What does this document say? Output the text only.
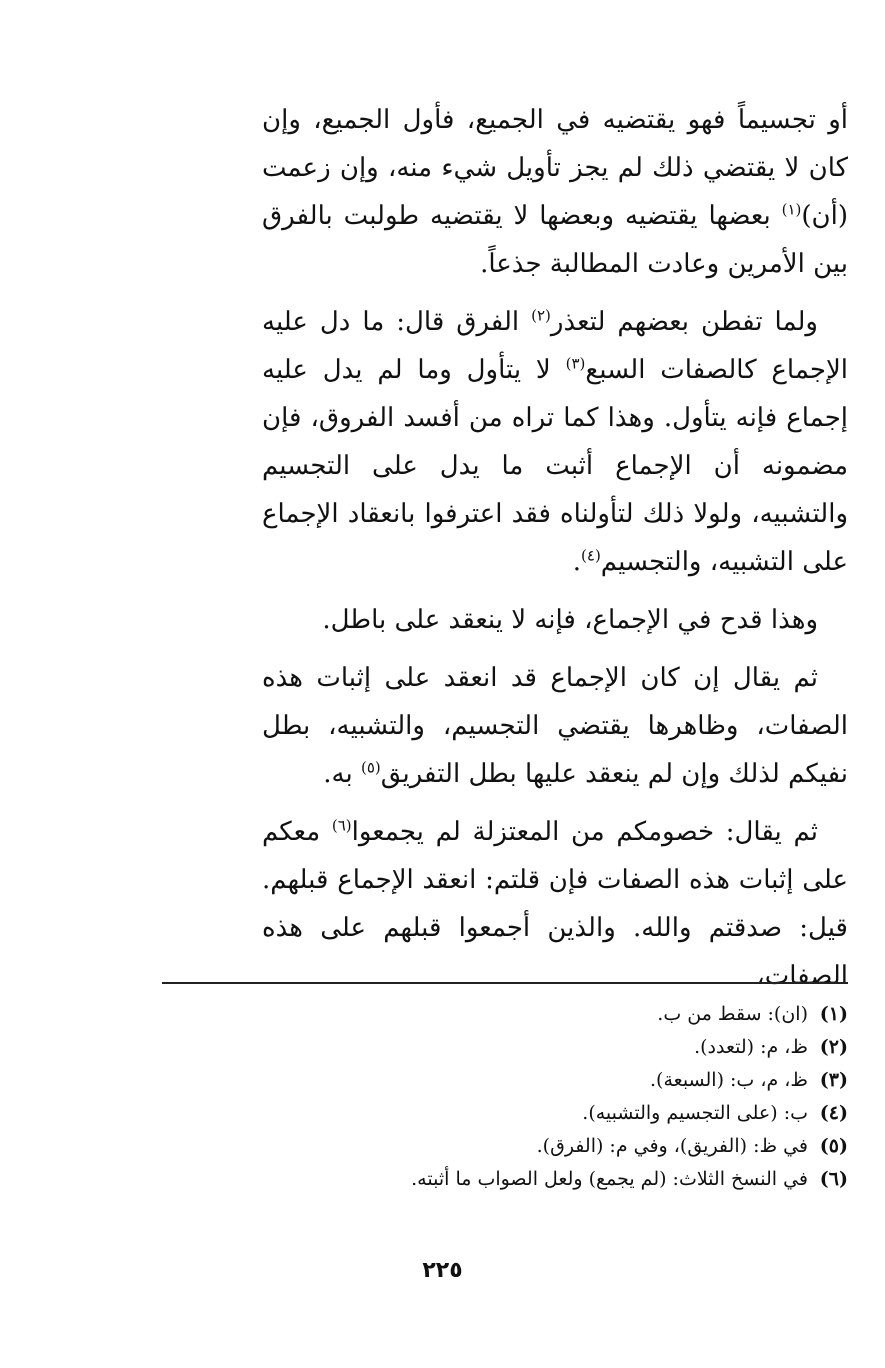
أو تجسيماً فهو يقتضيه في الجميع، فأول الجميع، وإن كان لا يقتضي ذلك لم يجز تأويل شيء منه، وإن زعمت (أن)$^{(١)}$ بعضها يقتضيه وبعضها لا يقتضيه طولبت بالفرق بين الأمرين وعادت المطالبة جذعاً.

ولما تفطن بعضهم لتعذر$^{(٢)}$ الفرق قال: ما دل عليه الإجماع كالصفات السبع$^{(٣)}$ لا يتأول وما لم يدل عليه إجماع فإنه يتأول. وهذا كما تراه من أفسد الفروق، فإن مضمونه أن الإجماع أثبت ما يدل على التجسيم والتشبيه، ولولا ذلك لتأولناه فقد اعترفوا بانعقاد الإجماع على التشبيه، والتجسيم$^{(٤)}$.

وهذا قدح في الإجماع، فإنه لا ينعقد على باطل.

ثم يقال إن كان الإجماع قد انعقد على إثبات هذه الصفات، وظاهرها يقتضي التجسيم، والتشبيه، بطل نفيكم لذلك وإن لم ينعقد عليها بطل التفريق$^{(٥)}$ به.

ثم يقال: خصومكم من المعتزلة لم يجمعوا$^{(٦)}$ معكم على إثبات هذه الصفات فإن قلتم: انعقد الإجماع قبلهم. قيل: صدقتم والله. والذين أجمعوا قبلهم على هذه الصفات،

(١)
(ان): سقط من ب.
(٢)
ظ، م: (لتعدد).
(٣)
ظ، م، ب: (السبعة).
(٤)
ب: (على التجسيم والتشبيه).
(٥)
في ظ: (الفريق)، وفي م: (الفرق).
(٦)
في النسخ الثلاث: (لم يجمع) ولعل الصواب ما أثبته.
٢٢٥
